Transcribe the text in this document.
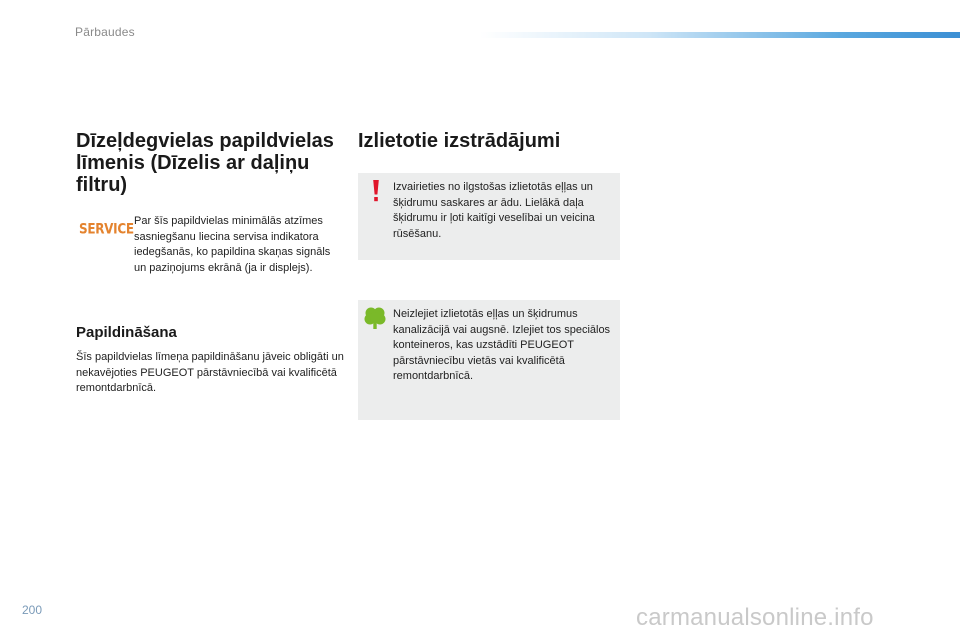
Pārbaudes
Dīzeļdegvielas papildvielas līmenis (Dīzelis ar daļiņu filtru)
SERVICE Par šīs papildvielas minimālās atzīmes sasniegšanu liecina servisa indikatora iedegšanās, ko papildina skaņas signāls un paziņojums ekrānā (ja ir displejs).
Papildināšana
Šīs papildvielas līmeņa papildināšanu jāveic obligāti un nekavējoties PEUGEOT pārstāvniecībā vai kvalificētā remontdarbnīcā.
Izlietotie izstrādājumi
Izvairieties no ilgstošas izlietotās eļļas un šķidrumu saskares ar ādu. Lielākā daļa šķidrumu ir ļoti kaitīgi veselībai un veicina rūsēšanu.
Neizlejiet izlietotās eļļas un šķidrumus kanalizācijā vai augsnē. Izlejiet tos speciālos konteineros, kas uzstādīti PEUGEOT pārstāvniecību vietās vai kvalificētā remontdarbnīcā.
200	carmanualsonline.info
